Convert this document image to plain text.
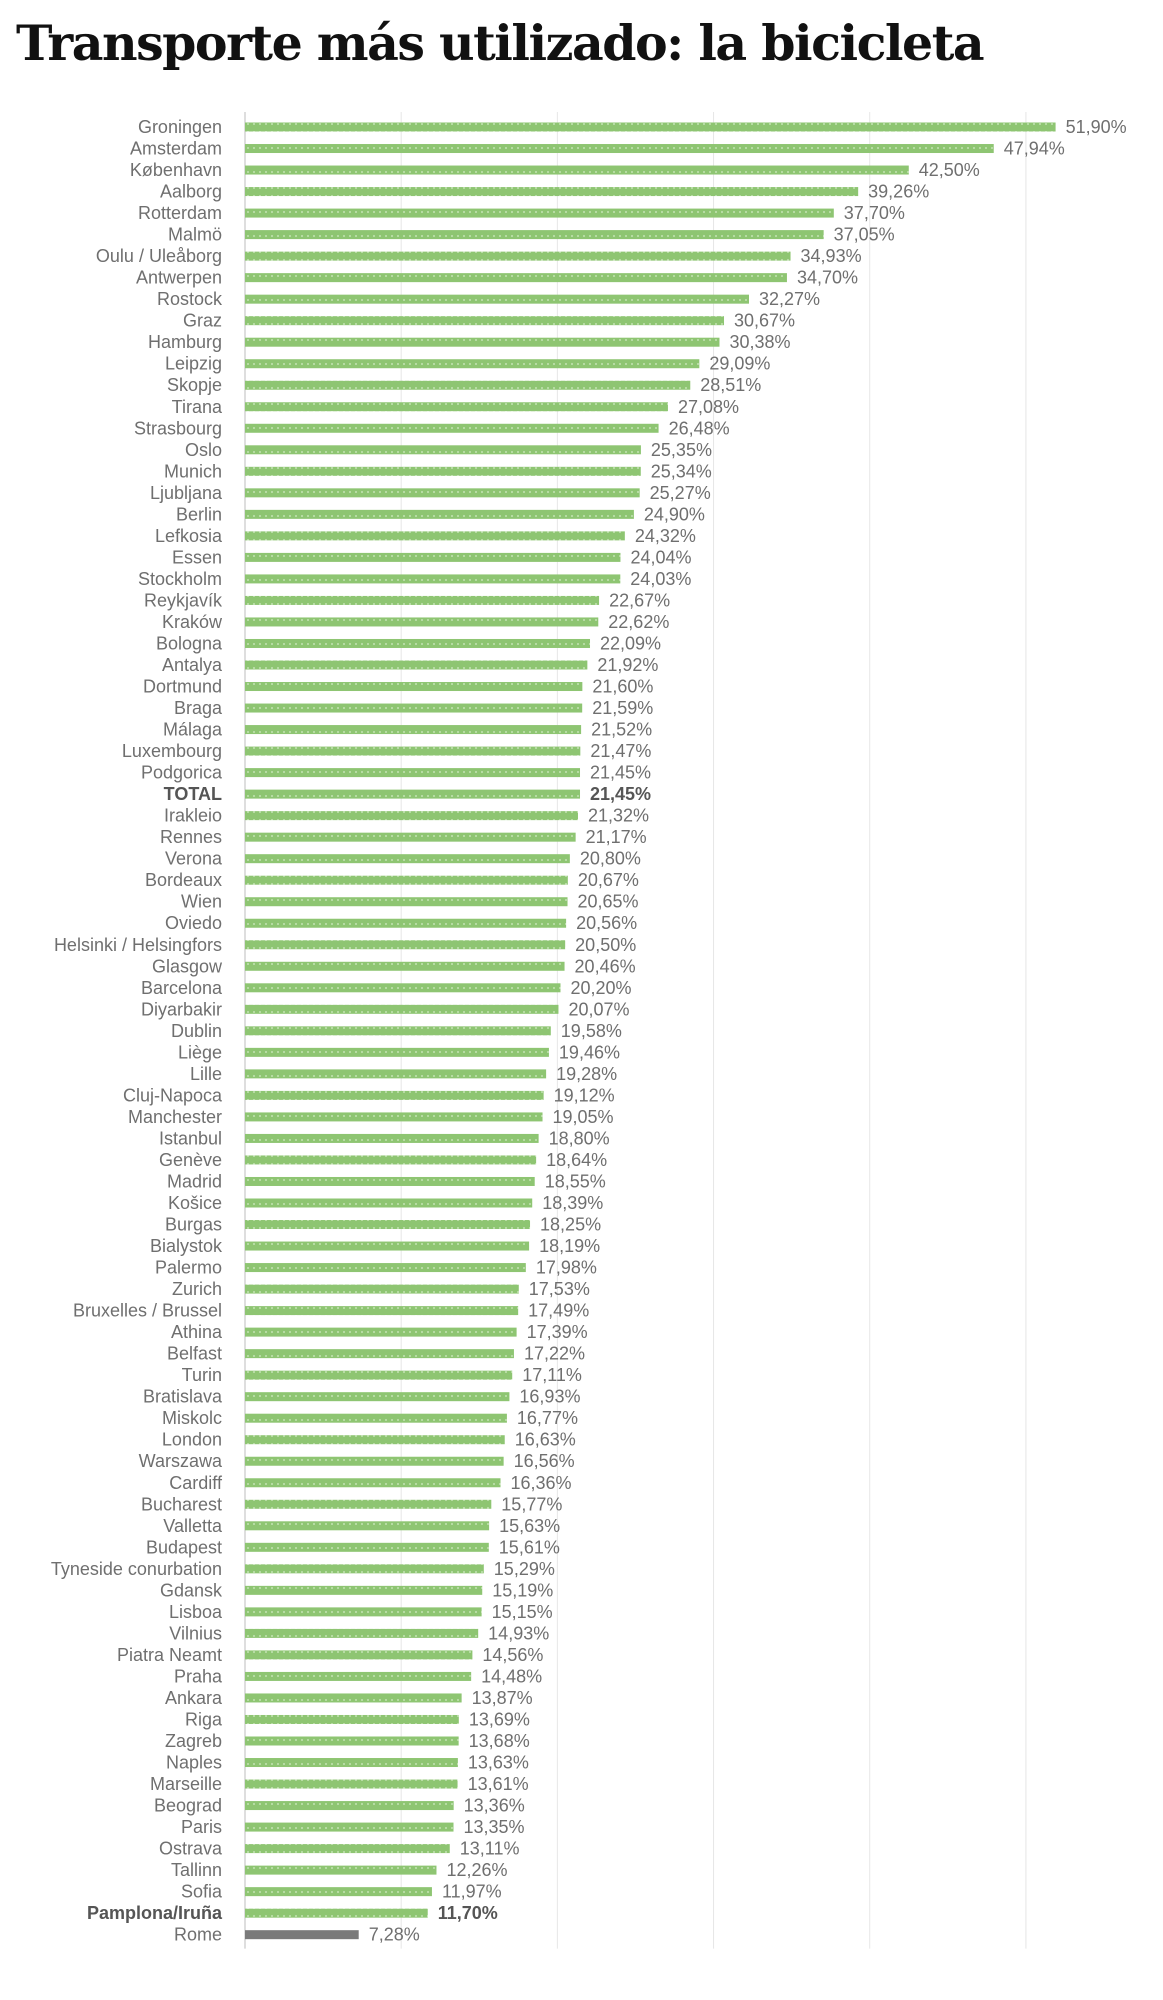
Transporte más utilizado: la bicicleta
Groningen
Amsterdam
København
Aalborg
Rotterdam
Malmö
Oulu / Uleåborg
Antwerpen
Rostock
Graz
Hamburg
Leipzig
Skopje
Tirana
Strasbourg
Oslo
Munich
Ljubljana
Berlin
Lefkosia
Essen
Stockholm
Reykjavík
Kraków
Bologna
Antalya
Dortmund
Braga
Málaga
Luxembourg
Podgorica
TOTAL
Irakleio
Rennes
Verona
Bordeaux
Wien
Oviedo
Helsinki / Helsingfors
Glasgow
Barcelona
Diyarbakir
Dublin
Liège
Lille
Cluj-Napoca
Manchester
Istanbul
Genève
Madrid
Košice
Burgas
Bialystok
Palermo
Zurich
Bruxelles / Brussel
Athina
Belfast
Turin
Bratislava
Miskolc
London
Warszawa
Cardiff
Bucharest
Valletta
Budapest
Tyneside conurbation
Gdansk
Lisboa
Vilnius
Piatra Neamt
Praha
Ankara
Riga
Zagreb
Naples
Marseille
Beograd
Paris
Ostrava
Tallinn
Sofia
Pamplona/Iruña
Rome
51,90%
47,94%
42,50%
39,26%
37,70%
37,05%
34,93%
34,70%
32,27%
30,67%
30,38%
29,09%
28,51%
27,08%
26,48%
25,35%
25,34%
25,27%
24,90%
24,32%
24,04%
24,03%
22,67%
22,62%
22,09%
21,92%
21,60%
21,59%
21,52%
21,47%
21,45%
21,45%
21,32%
21,17%
20,80%
20,67%
20,65%
20,56%
20,50%
20,46%
20,20%
20,07%
19,58%
19,46%
19,28%
19,12%
19,05%
18,80%
18,64%
18,55%
18,39%
18,25%
18,19%
17,98%
17,53%
17,49%
17,39%
17,22%
17,11%
16,93%
16,77%
16,63%
16,56%
16,36%
15,77%
15,63%
15,61%
15,29%
15,19%
15,15%
14,93%
14,56%
14,48%
13,87%
13,69%
13,68%
13,63%
13,61%
13,36%
13,35%
13,11%
12,26%
11,97%
11,70%
7,28%
